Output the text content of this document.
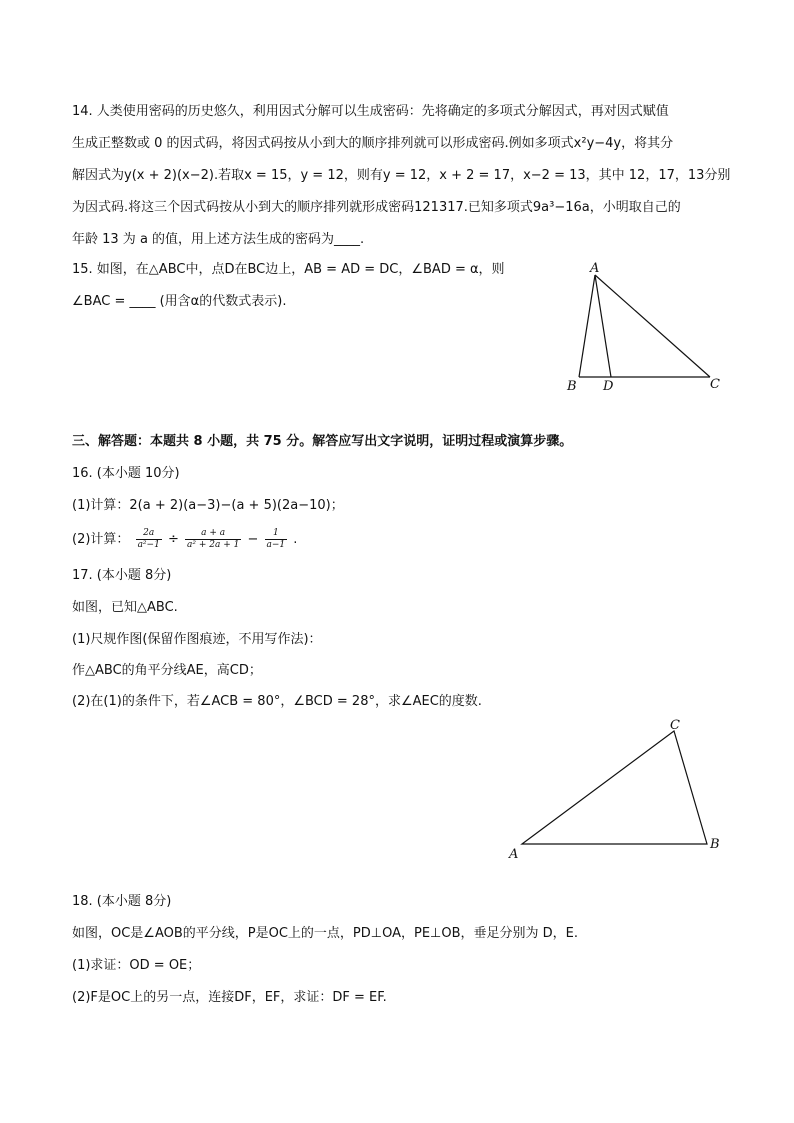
14. 人类使用密码的历史悠久，利用因式分解可以生成密码：先将确定的多项式分解因式，再对因式赋值
生成正整数或 0 的因式码，将因式码按从小到大的顺序排列就可以形成密码.例如多项式x²y−4y，将其分
解因式为y(x + 2)(x−2).若取x = 15，y = 12，则有y = 12，x + 2 = 17，x−2 = 13，其中 12，17，13分别
为因式码.将这三个因式码按从小到大的顺序排列就形成密码121317.已知多项式9a³−16a，小明取自己的
年龄 13 为 a 的值，用上述方法生成的密码为____.
15. 如图，在△ABC中，点D在BC边上，AB = AD = DC，∠BAD = α，则
∠BAC = ____ (用含α的代数式表示).
A
B D	C
三、解答题：本题共 8 小题，共 75 分。解答应写出文字说明，证明过程或演算步骤。
16. (本小题 10分)
(1)计算：2(a + 2)(a−3)−(a + 5)(2a−10)；
(2)计算： $\frac{2a}{\text{a²−1}} \div \frac{a + a}{\text{a² + 2a + 1}} - \frac{1}{a-1}$ .
17. (本小题 8分)
如图，已知△ABC.
(1)尺规作图(保留作图痕迹，不用写作法)：
作△ABC的角平分线AE，高CD；
(2)在(1)的条件下，若∠ACB = 80°，∠BCD = 28°，求∠AEC的度数.
C
A
B
18. (本小题 8分)
如图，OC是∠AOB的平分线，P是OC上的一点，PD⊥OA，PE⊥OB，垂足分别为 D，E.
(1)求证：OD = OE；
(2)F是OC上的另一点，连接DF，EF，求证：DF = EF.
